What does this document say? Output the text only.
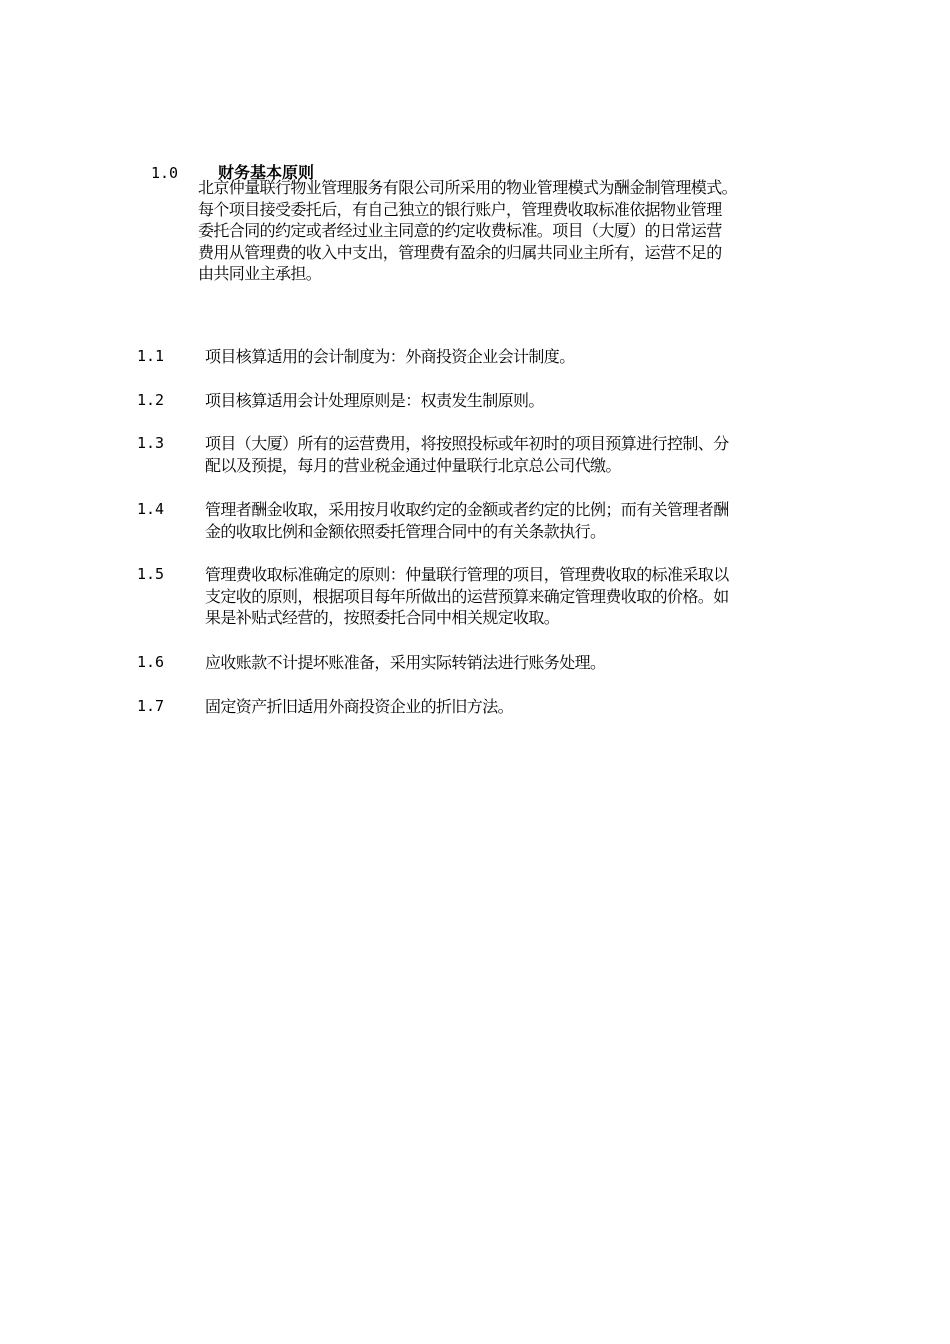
1.0	财务基本原则
北京仲量联行物业管理服务有限公司所采用的物业管理模式为酬金制管理模式。
每个项目接受委托后，有自己独立的银行账户，管理费收取标准依据物业管理
委托合同的约定或者经过业主同意的约定收费标准。项目（大厦）的日常运营
费用从管理费的收入中支出，管理费有盈余的归属共同业主所有，运营不足的
由共同业主承担。
1.1	项目核算适用的会计制度为：外商投资企业会计制度。
1.2	项目核算适用会计处理原则是：权责发生制原则。
1.3	项目（大厦）所有的运营费用，将按照投标或年初时的项目预算进行控制、分
配以及预提，每月的营业税金通过仲量联行北京总公司代缴。
1.4	管理者酬金收取，采用按月收取约定的金额或者约定的比例；而有关管理者酬
金的收取比例和金额依照委托管理合同中的有关条款执行。
1.5	管理费收取标准确定的原则：仲量联行管理的项目，管理费收取的标准采取以
支定收的原则，根据项目每年所做出的运营预算来确定管理费收取的价格。如
果是补贴式经营的，按照委托合同中相关规定收取。
1.6	应收账款不计提坏账准备，采用实际转销法进行账务处理。
1.7	固定资产折旧适用外商投资企业的折旧方法。
